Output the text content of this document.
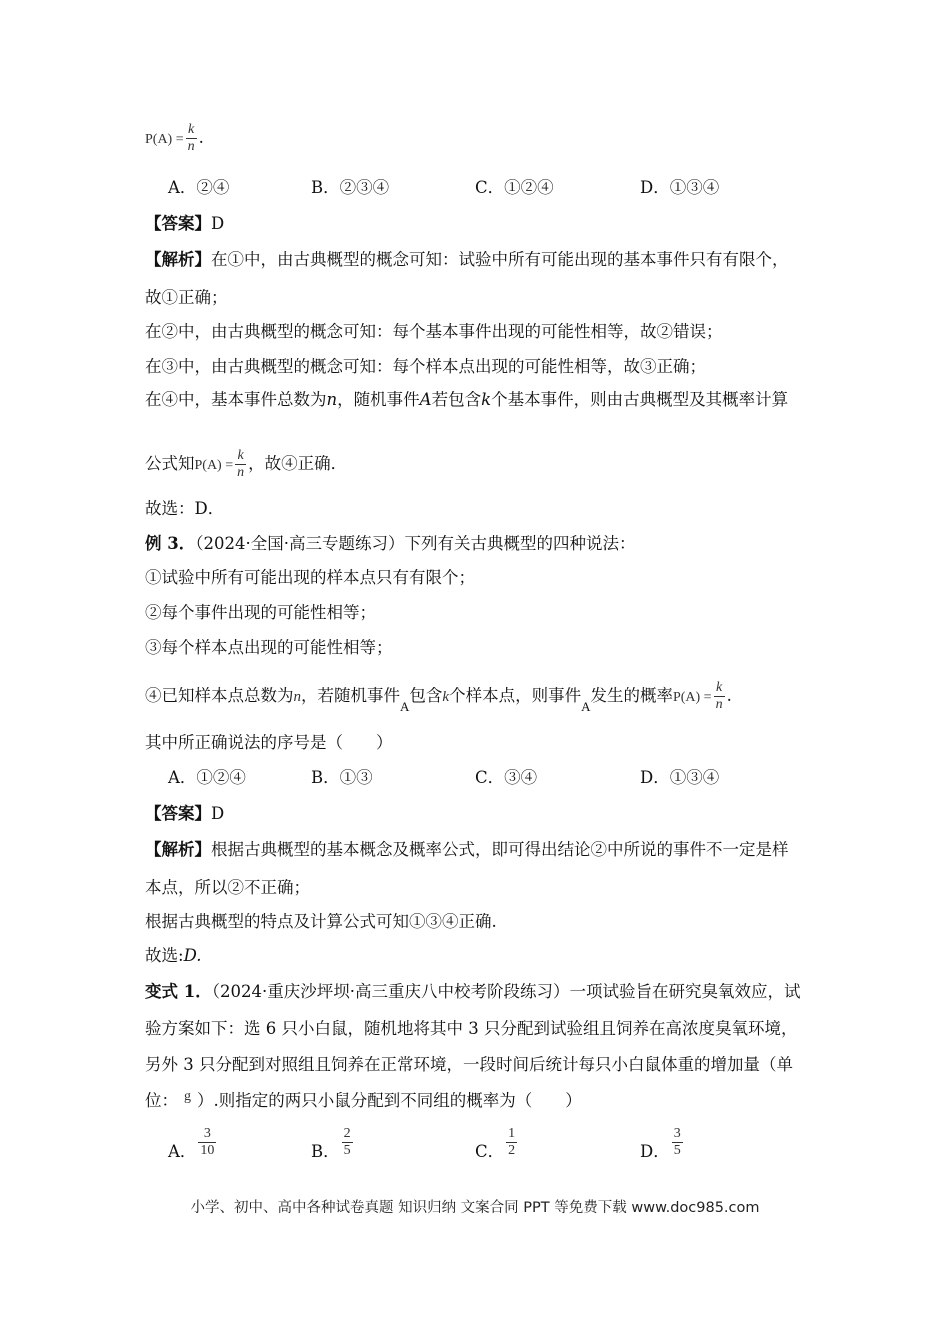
$P(A) = \frac{k}{n}$ .
A．②④	B．②③④	C．①②④	D．①③④
【答案】D
【解析】在①中，由古典概型的概念可知：试验中所有可能出现的基本事件只有有限个，
故①正确；
在②中，由古典概型的概念可知：每个基本事件出现的可能性相等，故②错误；
在③中，由古典概型的概念可知：每个样本点出现的可能性相等，故③正确；
在④中，基本事件总数为n，随机事件A若包含k个基本事件，则由古典概型及其概率计算
公式知$P(A) = \frac{k}{n}$ ，故④正确．
故选：D．
例 3．（2024·全国·高三专题练习）下列有关古典概型的四种说法：
①试验中所有可能出现的样本点只有有限个；
②每个事件出现的可能性相等；
③每个样本点出现的可能性相等；
④已知样本点总数为n，若随机事件$_A$包含k个样本点，则事件$_A$发生的概率$P(A) = \frac{k}{n}$ .
其中所正确说法的序号是（　　）
A．①②④	B．①③	C．③④	D．①③④
【答案】D
【解析】根据古典概型的基本概念及概率公式，即可得出结论②中所说的事件不一定是样
本点，所以②不正确；
根据古典概型的特点及计算公式可知①③④正确.
故选:D.
变式 1．（2024·重庆沙坪坝·高三重庆八中校考阶段练习）一项试验旨在研究臭氧效应，试
验方案如下：选 6 只小白鼠，随机地将其中 3 只分配到试验组且饲养在高浓度臭氧环境，
另外 3 只分配到对照组且饲养在正常环境，一段时间后统计每只小白鼠体重的增加量（单
位： $^g$ ）.则指定的两只小鼠分配到不同组的概率为（　　）
A． $\frac{3}{10}$	B． $\frac{2}{5}$	C． $\frac{1}{2}$	D． $\frac{3}{5}$
小学、初中、高中各种试卷真题 知识归纳 文案合同 PPT 等免费下载 www.doc985.com
